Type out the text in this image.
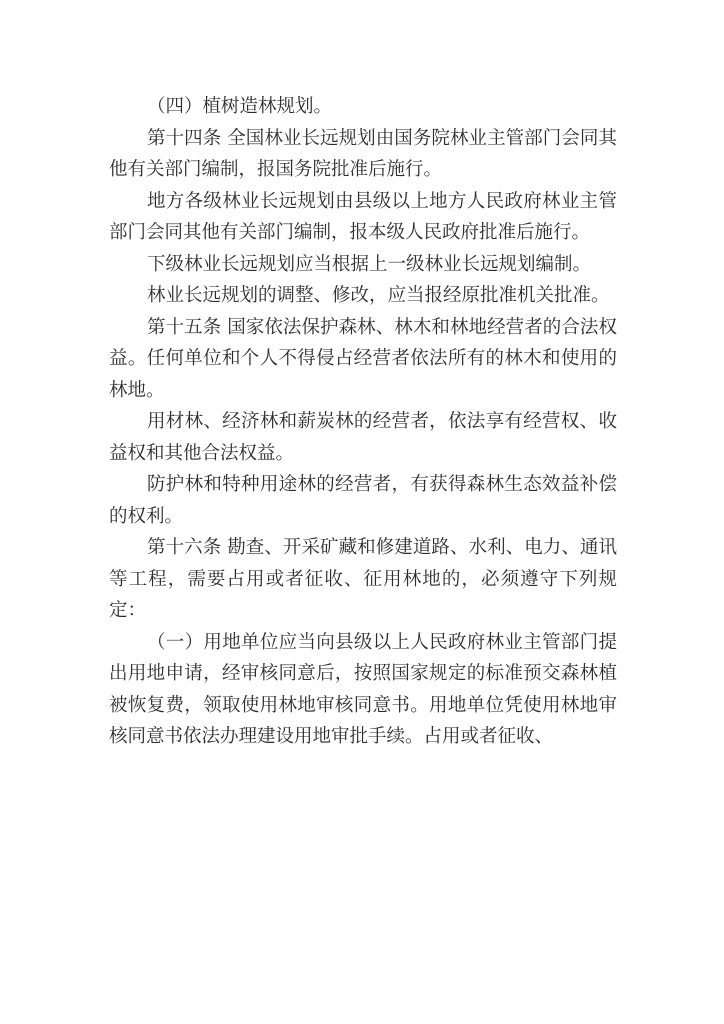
（四）植树造林规划。

第十四条 全国林业长远规划由国务院林业主管部门会同其他有关部门编制，报国务院批准后施行。

地方各级林业长远规划由县级以上地方人民政府林业主管部门会同其他有关部门编制，报本级人民政府批准后施行。

下级林业长远规划应当根据上一级林业长远规划编制。

林业长远规划的调整、修改，应当报经原批准机关批准。

第十五条 国家依法保护森林、林木和林地经营者的合法权益。任何单位和个人不得侵占经营者依法所有的林木和使用的林地。

用材林、经济林和薪炭林的经营者，依法享有经营权、收益权和其他合法权益。

防护林和特种用途林的经营者，有获得森林生态效益补偿的权利。

第十六条 勘查、开采矿藏和修建道路、水利、电力、通讯等工程，需要占用或者征收、征用林地的，必须遵守下列规定：

（一）用地单位应当向县级以上人民政府林业主管部门提出用地申请，经审核同意后，按照国家规定的标准预交森林植被恢复费，领取使用林地审核同意书。用地单位凭使用林地审核同意书依法办理建设用地审批手续。占用或者征收、
